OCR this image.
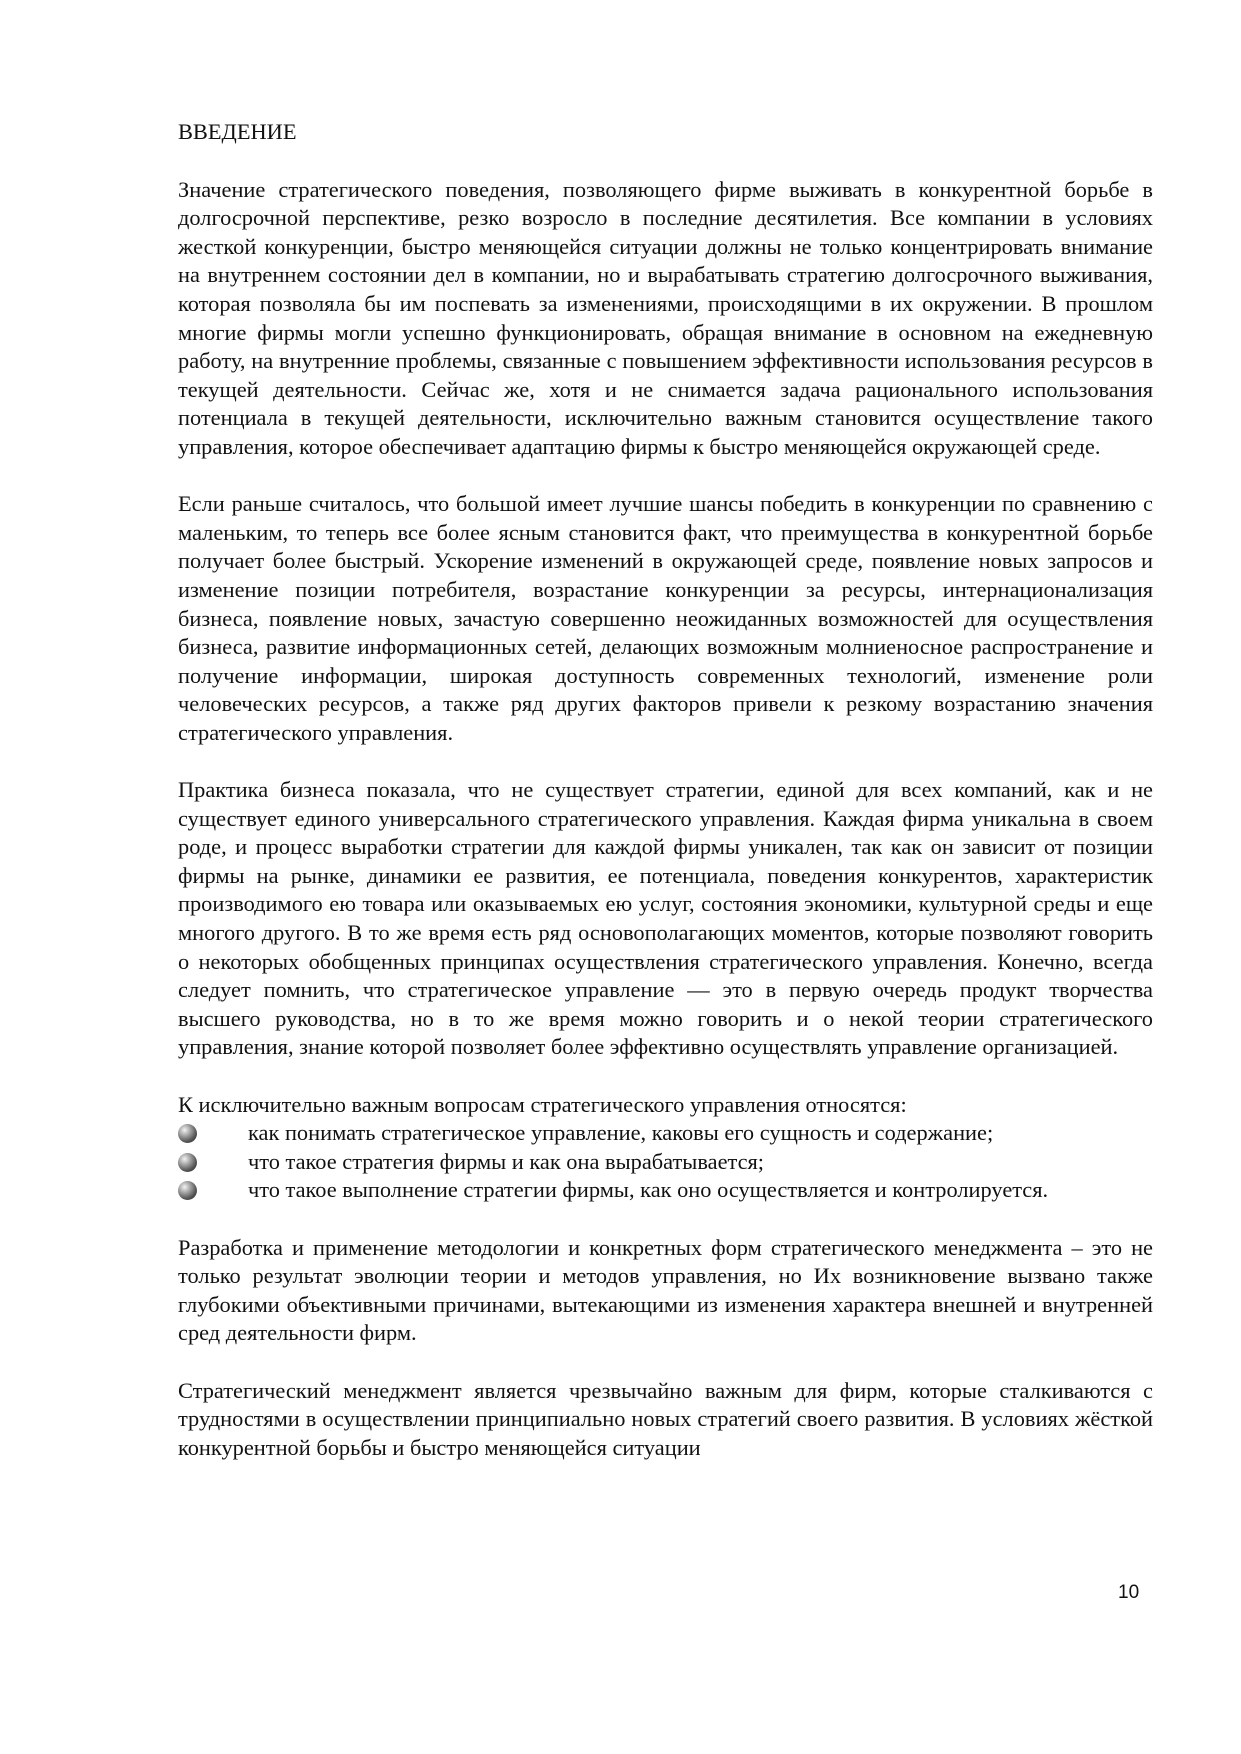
ВВЕДЕНИЕ

Значение стратегического поведения, позволяющего фирме выживать в конкурентной борьбе в долгосрочной перспективе, резко возросло в последние десятилетия. Все компании в условиях жесткой конкуренции, быстро меняющейся ситуации должны не только концентрировать внимание на внутреннем состоянии дел в компании, но и вырабатывать стратегию долгосрочного выживания, которая позволяла бы им поспевать за изменениями, происходящими в их окружении. В прошлом многие фирмы могли успешно функционировать, обращая внимание в основном на ежедневную работу, на внутренние проблемы, связанные с повышением эффективности использования ресурсов в текущей деятельности. Сейчас же, хотя и не снимается задача рационального использования потенциала в текущей деятельности, исключительно важным становится осуществление такого управления, которое обеспечивает адаптацию фирмы к быстро меняющейся окружающей среде.

Если раньше считалось, что большой имеет лучшие шансы победить в конкуренции по сравнению с маленьким, то теперь все более ясным становится факт, что преимущества в конкурентной борьбе получает более быстрый. Ускорение изменений в окружающей среде, появление новых запросов и изменение позиции потребителя, возрастание конкуренции за ресурсы, интернационализация бизнеса, появление новых, зачастую совершенно неожиданных возможностей для осуществления бизнеса, развитие информационных сетей, делающих возможным молниеносное распространение и получение информации, широкая доступность современных технологий, изменение роли человеческих ресурсов, а также ряд других факторов привели к резкому возрастанию значения стратегического управления.

Практика бизнеса показала, что не существует стратегии, единой для всех компаний, как и не существует единого универсального стратегического управления. Каждая фирма уникальна в своем роде, и процесс выработки стратегии для каждой фирмы уникален, так как он зависит от позиции фирмы на рынке, динамики ее развития, ее потенциала, поведения конкурентов, характеристик производимого ею товара или оказываемых ею услуг, состояния экономики, культурной среды и еще многого другого. В то же время есть ряд основополагающих моментов, которые позволяют говорить о некоторых обобщенных принципах осуществления стратегического управления. Конечно, всегда следует помнить, что стратегическое управление — это в первую очередь продукт творчества высшего руководства, но в то же время можно говорить и о некой теории стратегического управления, знание которой позволяет более эффективно осуществлять управление организацией.

К исключительно важным вопросам стратегического управления относятся:

как понимать стратегическое управление, каковы его сущность и содержание;
что такое стратегия фирмы и как она вырабатывается;
что такое выполнение стратегии фирмы, как оно осуществляется и контролируется.

Разработка и применение методологии и конкретных форм стратегического менеджмента – это не только результат эволюции теории и методов управления, но Их возникновение вызвано также глубокими объективными причинами, вытекающими из изменения характера внешней и внутренней сред деятельности фирм.

Стратегический менеджмент является чрезвычайно важным для фирм, которые сталкиваются с трудностями в осуществлении принципиально новых стратегий своего развития. В условиях жёсткой конкурентной борьбы и быстро меняющейся ситуации

10
